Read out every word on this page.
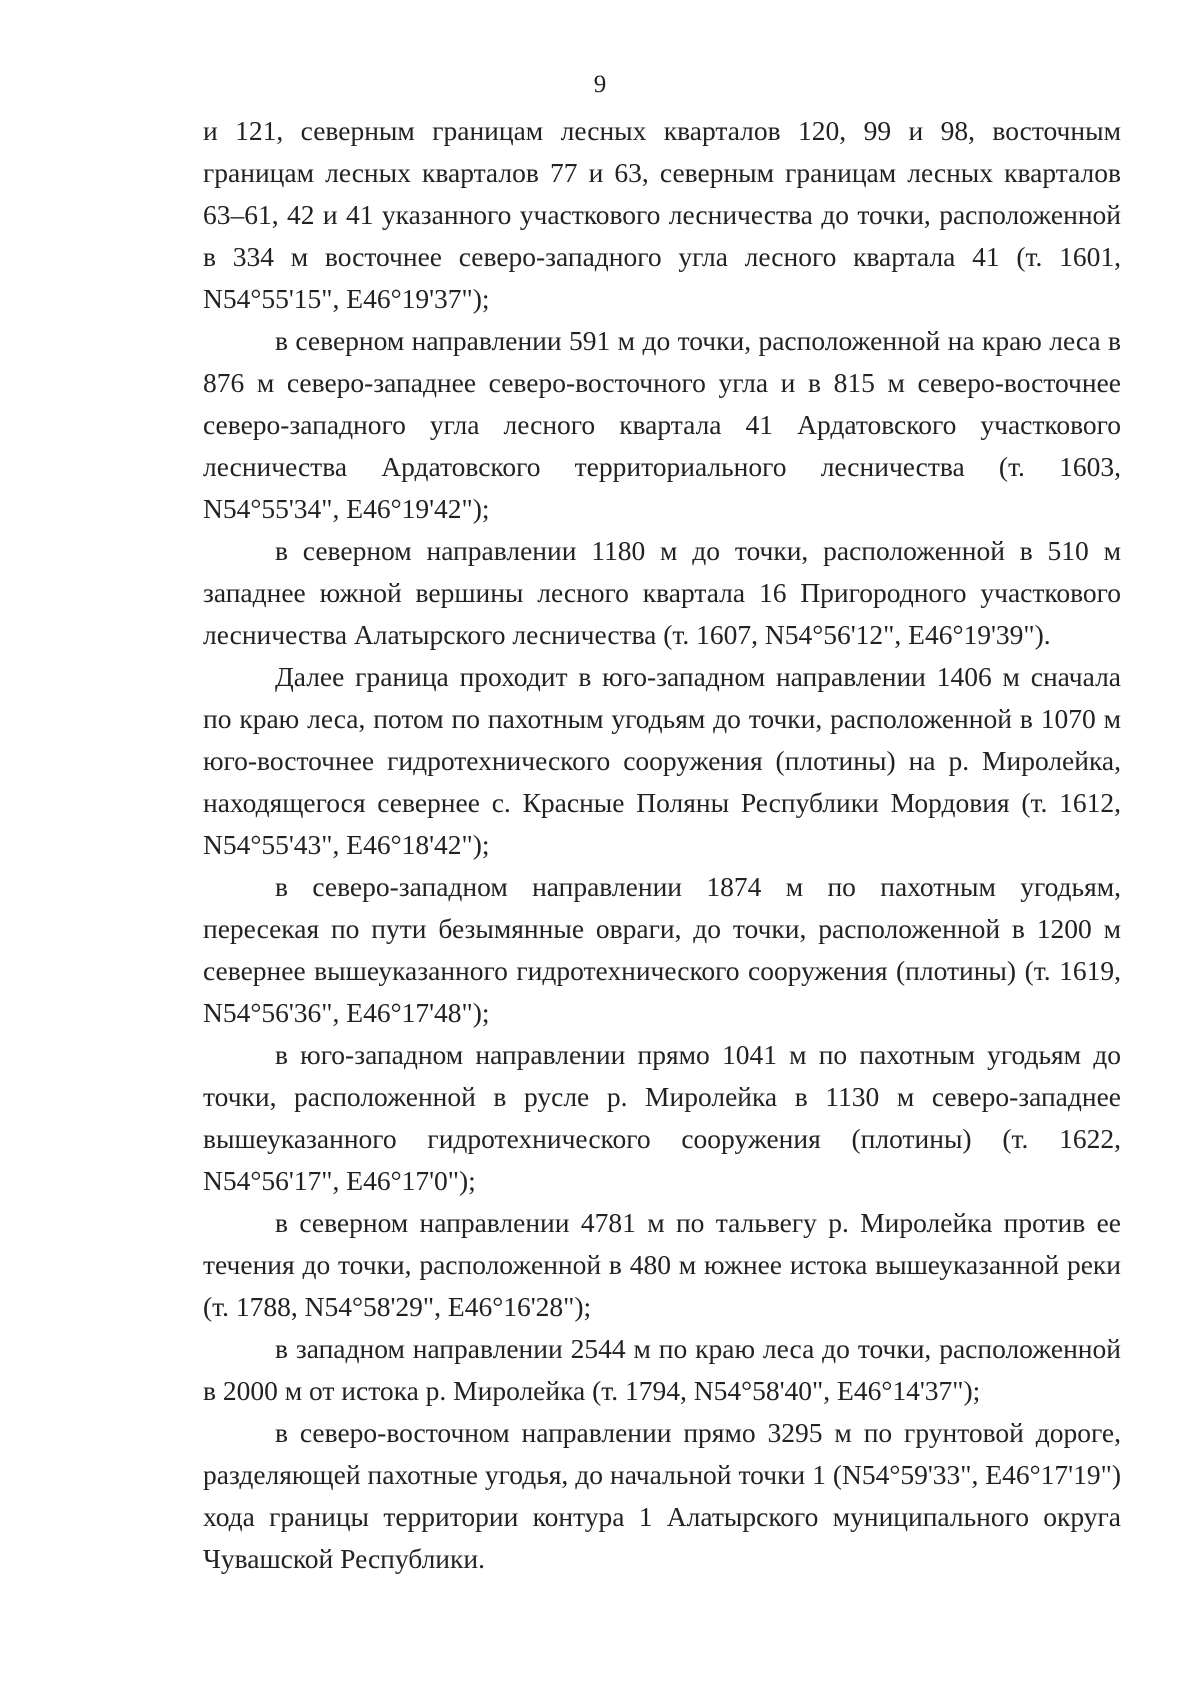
9

и 121, северным границам лесных кварталов 120, 99 и 98, восточным границам лесных кварталов 77 и 63, северным границам лесных кварталов 63–61, 42 и 41 указанного участкового лесничества до точки, расположенной в 334 м восточнее северо-западного угла лесного квартала 41 (т. 1601, N54°55'15", E46°19'37");

в северном направлении 591 м до точки, расположенной на краю леса в 876 м северо-западнее северо-восточного угла и в 815 м северо-восточнее северо-западного угла лесного квартала 41 Ардатовского участкового лесничества Ардатовского территориального лесничества (т. 1603, N54°55'34", E46°19'42");

в северном направлении 1180 м до точки, расположенной в 510 м западнее южной вершины лесного квартала 16 Пригородного участкового лесничества Алатырского лесничества (т. 1607, N54°56'12", E46°19'39").

Далее граница проходит в юго-западном направлении 1406 м сначала по краю леса, потом по пахотным угодьям до точки, расположенной в 1070 м юго-восточнее гидротехнического сооружения (плотины) на р. Миролейка, находящегося севернее с. Красные Поляны Республики Мордовия (т. 1612, N54°55'43", E46°18'42");

в северо-западном направлении 1874 м по пахотным угодьям, пересекая по пути безымянные овраги, до точки, расположенной в 1200 м севернее вышеуказанного гидротехнического сооружения (плотины) (т. 1619, N54°56'36", E46°17'48");

в юго-западном направлении прямо 1041 м по пахотным угодьям до точки, расположенной в русле р. Миролейка в 1130 м северо-западнее вышеуказанного гидротехнического сооружения (плотины) (т. 1622, N54°56'17", E46°17'0");

в северном направлении 4781 м по тальвегу р. Миролейка против ее течения до точки, расположенной в 480 м южнее истока вышеуказанной реки (т. 1788, N54°58'29", E46°16'28");

в западном направлении 2544 м по краю леса до точки, расположенной в 2000 м от истока р. Миролейка (т. 1794, N54°58'40", E46°14'37");

в северо-восточном направлении прямо 3295 м по грунтовой дороге, разделяющей пахотные угодья, до начальной точки 1 (N54°59'33", E46°17'19") хода границы территории контура 1 Алатырского муниципального округа Чувашской Республики.
